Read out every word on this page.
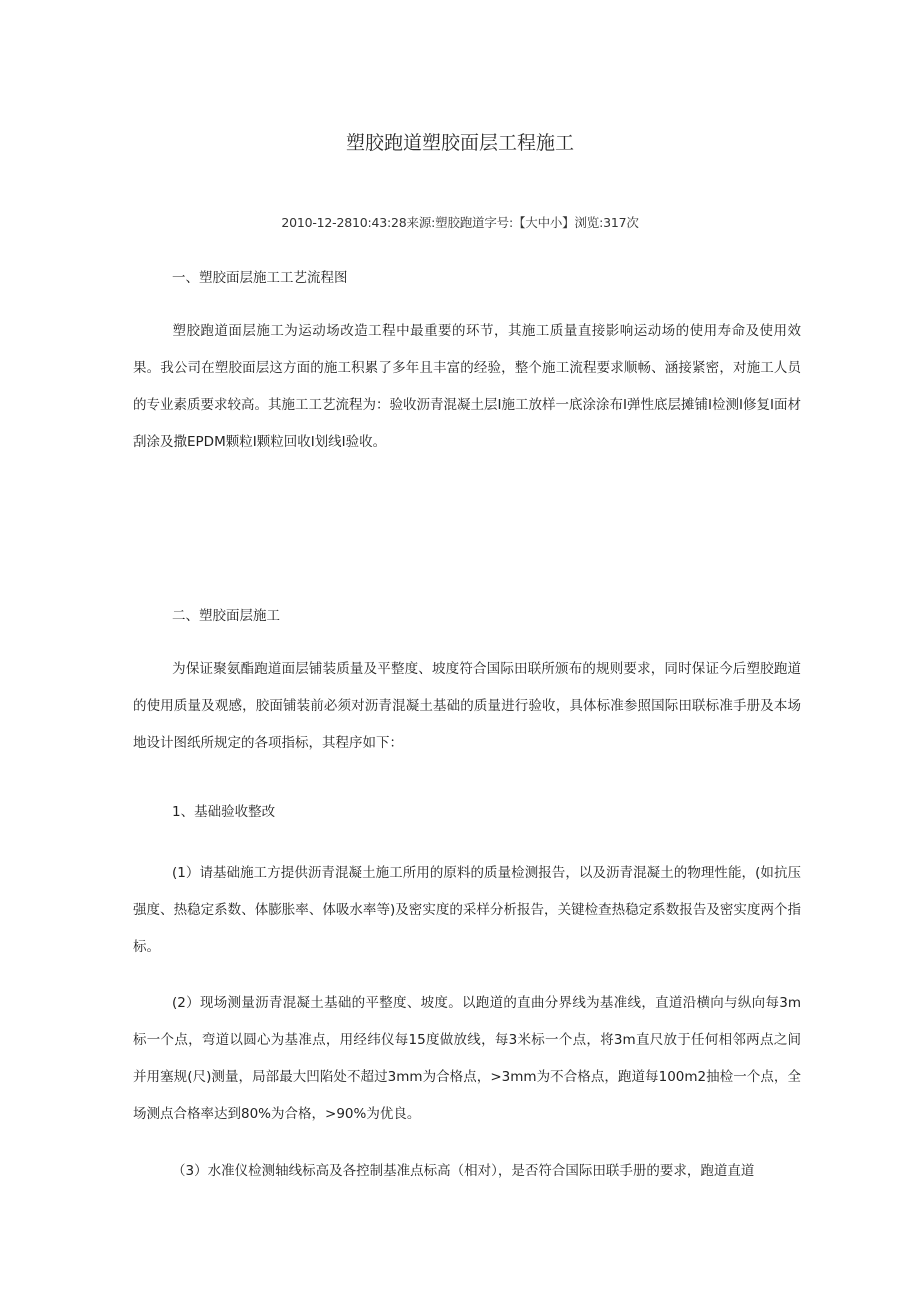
塑胶跑道塑胶面层工程施工
2010-12-2810:43:28来源:塑胶跑道字号:【大中小】浏览:317次
一、塑胶面层施工工艺流程图

塑胶跑道面层施工为运动场改造工程中最重要的环节，其施工质量直接影响运动场的使用寿命及使用效果。我公司在塑胶面层这方面的施工积累了多年且丰富的经验，整个施工流程要求顺畅、涵接紧密，对施工人员的专业素质要求较高。其施工工艺流程为：验收沥青混凝土层Ⅰ施工放样一底涂涂布Ⅰ弹性底层摊铺Ⅰ检测Ⅰ修复Ⅰ面材刮涂及撒EPDM颗粒Ⅰ颗粒回收Ⅰ划线Ⅰ验收。

二、塑胶面层施工

为保证聚氨酯跑道面层铺装质量及平整度、坡度符合国际田联所颁布的规则要求，同时保证今后塑胶跑道的使用质量及观感，胶面铺装前必须对沥青混凝土基础的质量进行验收，具体标准参照国际田联标准手册及本场地设计图纸所规定的各项指标，其程序如下：

1、基础验收整改

(1）请基础施工方提供沥青混凝土施工所用的原料的质量检测报告，以及沥青混凝土的物理性能，(如抗压强度、热稳定系数、体膨胀率、体吸水率等)及密实度的采样分析报告，关键检查热稳定系数报告及密实度两个指标。

(2）现场测量沥青混凝土基础的平整度、坡度。以跑道的直曲分界线为基准线，直道沿横向与纵向每3m标一个点，弯道以圆心为基准点，用经纬仪每15度做放线，每3米标一个点，将3m直尺放于任何相邻两点之间并用塞规(尺)测量，局部最大凹陷处不超过3mm为合格点，>3mm为不合格点，跑道每100m2抽检一个点，全场测点合格率达到80%为合格，>90%为优良。

（3）水准仪检测轴线标高及各控制基准点标高（相对），是否符合国际田联手册的要求，跑道直道
